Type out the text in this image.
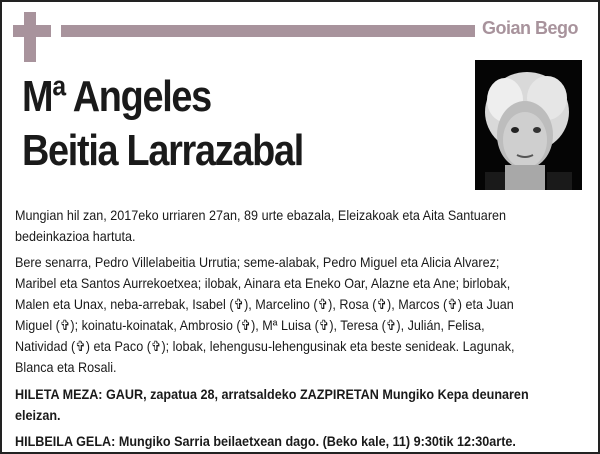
Goian Bego
Mª Angeles
Beitia Larrazabal
Mungian hil zan, 2017eko urriaren 27an, 89 urte ebazala, Eleizakoak eta Aita Santuaren
bedeinkazioa hartuta.
Bere senarra, Pedro Villelabeitia Urrutia; seme-alabak, Pedro Miguel eta Alicia Alvarez;
Maribel eta Santos Aurrekoetxea; ilobak, Ainara eta Eneko Oar, Alazne eta Ane; birlobak,
Malen eta Unax, neba-arrebak, Isabel (✞), Marcelino (✞), Rosa (✞), Marcos (✞) eta Juan
Miguel (✞); koinatu-koinatak, Ambrosio (✞), Mª Luisa (✞), Teresa (✞), Julián, Felisa,
Natividad (✞) eta Paco (✞); lobak, lehengusu-lehengusinak eta beste senideak. Lagunak,
Blanca eta Rosali.
HILETA MEZA: GAUR, zapatua 28, arratsaldeko ZAZPIRETAN Mungiko Kepa deunaren
eleizan.
HILBEILA GELA: Mungiko Sarria beilaetxean dago. (Beko kale, 11) 9:30tik 12:30arte.
